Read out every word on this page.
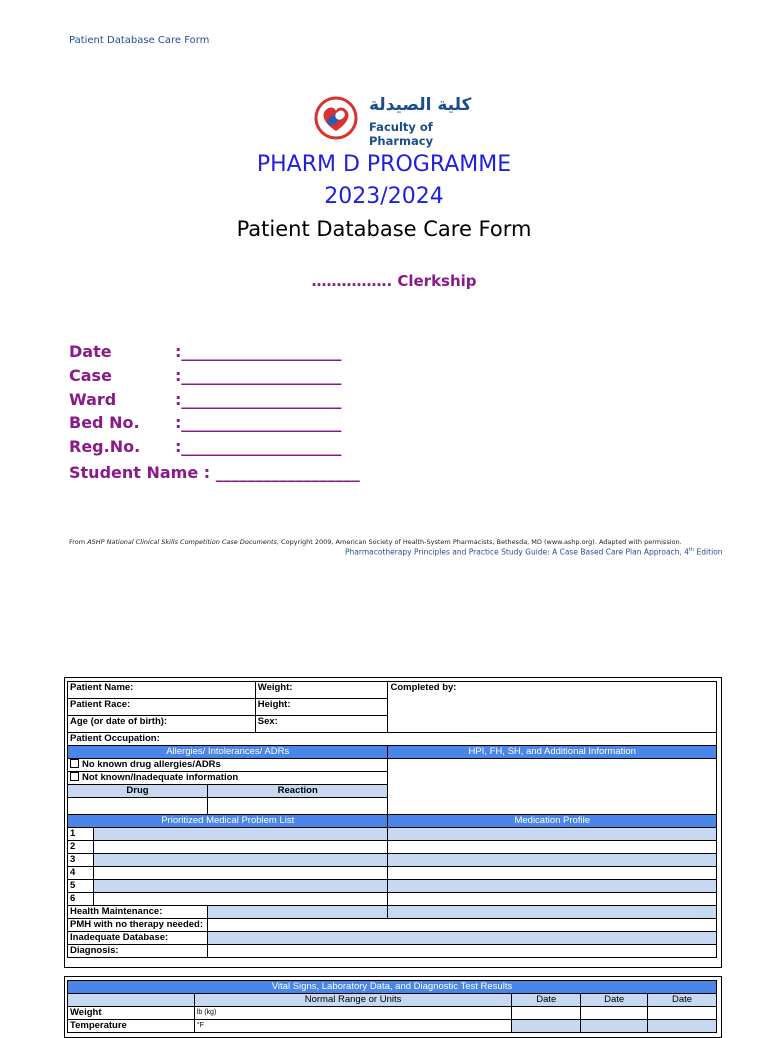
Patient Database Care Form
كلية الصيدلة
Faculty of Pharmacy
PHARM D PROGRAMME
2023/2024
Patient Database Care Form
……………. Clerkship
Date	:____________________
Case	:____________________
Ward	:____________________
Bed No. :____________________
Reg.No. :____________________
Student Name : __________________
From ASHP National Clinical Skills Competition Case Documents, Copyright 2009, American Society of Health-System Pharmacists, Bethesda, MD (www.ashp.org). Adapted with permission.
Pharmacotherapy Principles and Practice Study Guide: A Case Based Care Plan Approach, 4th Edition
Patient Name:			Weight:	Completed by:
Patient Race:			Height:	
Age (or date of birth):			Sex:	
Patient Occupation:				
Allergies/ Intolerances/ ADRs				HPI, FH, SH, and Additional Information
No known drug allergies/ADRs				
Not known/Inadequate information				
Drug		Reaction		

Prioritized Medical Problem List				Medication Profile
1				
2				
3				
4				
5				
6				
Health Maintenance:				
PMH with no therapy needed:				
Inadequate Database:				
Diagnosis:				
Vital Signs, Laboratory Data, and Diagnostic Test Results				
	Normal Range or Units	Date	Date	Date
Weight	lb (kg)			
Temperature	°F			
